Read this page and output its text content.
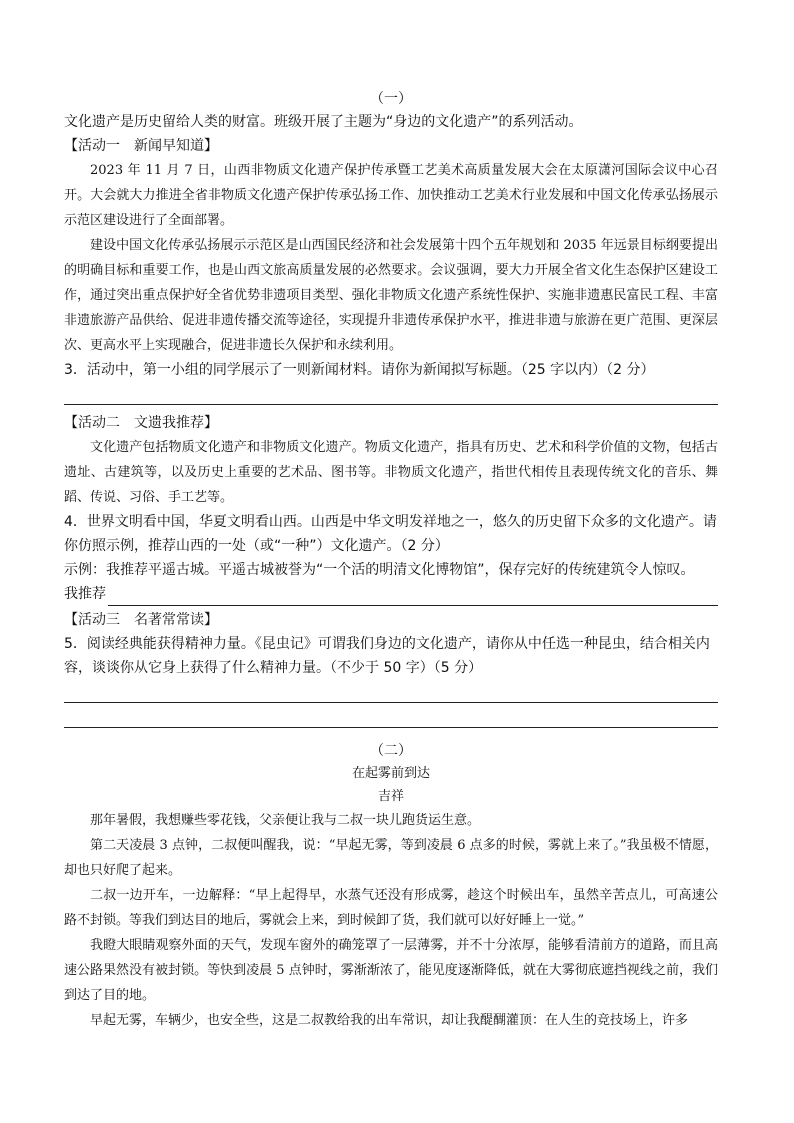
（一）

文化遗产是历史留给人类的财富。班级开展了主题为“身边的文化遗产”的系列活动。

【活动一　新闻早知道】

2023 年 11 月 7 日，山西非物质文化遗产保护传承暨工艺美术高质量发展大会在太原潇河国际会议中心召开。大会就大力推进全省非物质文化遗产保护传承弘扬工作、加快推动工艺美术行业发展和中国文化传承弘扬展示示范区建设进行了全面部署。

建设中国文化传承弘扬展示示范区是山西国民经济和社会发展第十四个五年规划和 2035 年远景目标纲要提出的明确目标和重要工作，也是山西文旅高质量发展的必然要求。会议强调，要大力开展全省文化生态保护区建设工作，通过突出重点保护好全省优势非遗项目类型、强化非物质文化遗产系统性保护、实施非遗惠民富民工程、丰富非遗旅游产品供给、促进非遗传播交流等途径，实现提升非遗传承保护水平，推进非遗与旅游在更广范围、更深层次、更高水平上实现融合，促进非遗长久保护和永续利用。

3．活动中，第一小组的同学展示了一则新闻材料。请你为新闻拟写标题。（25 字以内）（2 分）

【活动二　文遗我推荐】

文化遗产包括物质文化遗产和非物质文化遗产。物质文化遗产，指具有历史、艺术和科学价值的文物，包括古遗址、古建筑等，以及历史上重要的艺术品、图书等。非物质文化遗产，指世代相传且表现传统文化的音乐、舞蹈、传说、习俗、手工艺等。

4．世界文明看中国，华夏文明看山西。山西是中华文明发祥地之一，悠久的历史留下众多的文化遗产。请你仿照示例，推荐山西的一处（或“一种”）文化遗产。（2 分）

示例：我推荐平遥古城。平遥古城被誉为“一个活的明清文化博物馆”，保存完好的传统建筑令人惊叹。

我推荐

【活动三　名著常常读】

5．阅读经典能获得精神力量。《昆虫记》可谓我们身边的文化遗产，请你从中任选一种昆虫，结合相关内容，谈谈你从它身上获得了什么精神力量。（不少于 50 字）（5 分）

（二）

在起雾前到达

吉祥

那年暑假，我想赚些零花钱，父亲便让我与二叔一块儿跑货运生意。

第二天凌晨 3 点钟，二叔便叫醒我，说：“早起无雾，等到凌晨 6 点多的时候，雾就上来了。”我虽极不情愿，却也只好爬了起来。

二叔一边开车，一边解释：“早上起得早，水蒸气还没有形成雾，趁这个时候出车，虽然辛苦点儿，可高速公路不封锁。等我们到达目的地后，雾就会上来，到时候卸了货，我们就可以好好睡上一觉。”

我瞪大眼睛观察外面的天气，发现车窗外的确笼罩了一层薄雾，并不十分浓厚，能够看清前方的道路，而且高速公路果然没有被封锁。等快到凌晨 5 点钟时，雾渐渐浓了，能见度逐渐降低，就在大雾彻底遮挡视线之前，我们到达了目的地。

早起无雾，车辆少，也安全些，这是二叔教给我的出车常识，却让我醍醐灌顶：在人生的竞技场上，许多
